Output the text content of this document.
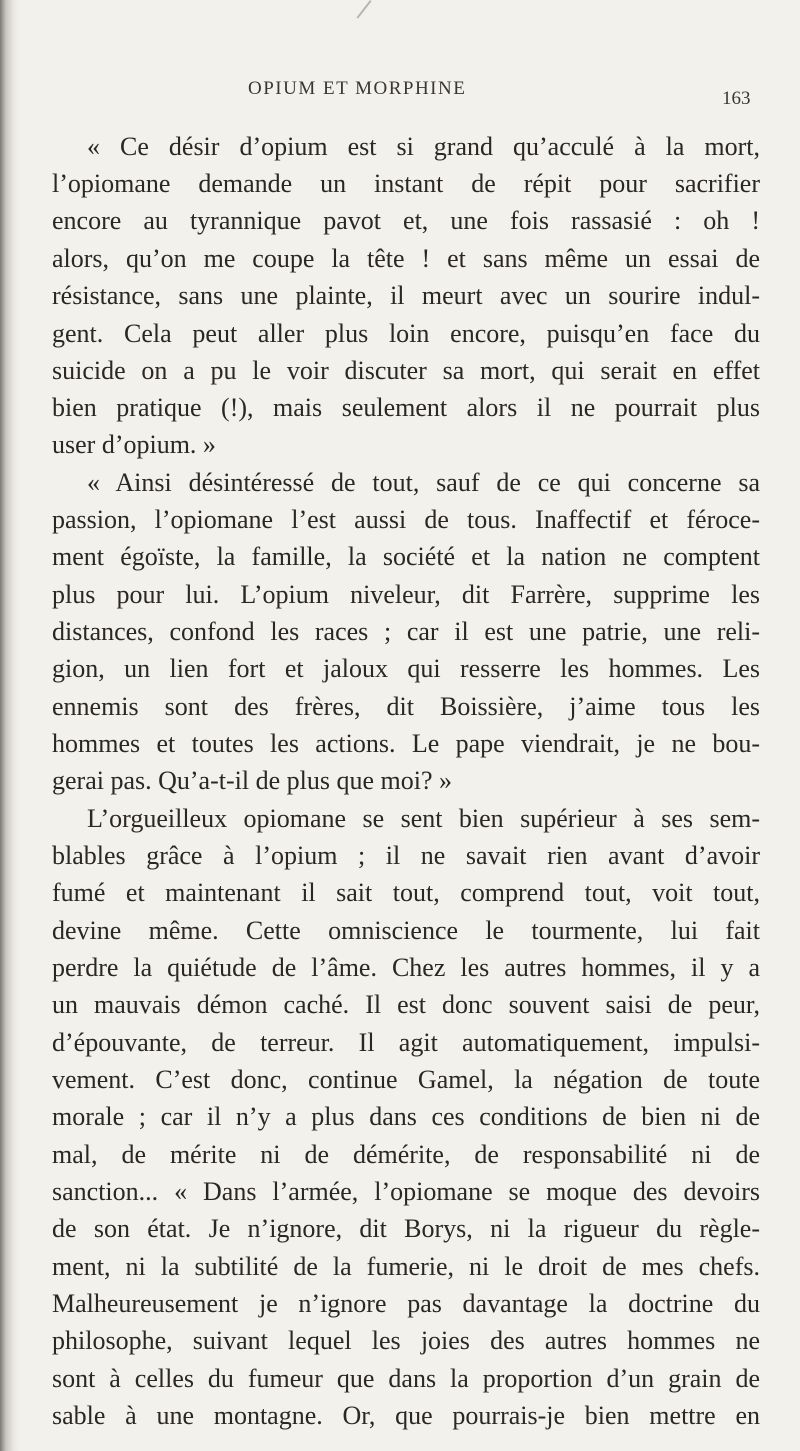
OPIUM ET MORPHINE	163
« Ce désir d’opium est si grand qu’acculé à la mort,
l’opiomane demande un instant de répit pour sacrifier
encore au tyrannique pavot et, une fois rassasié : oh !
alors, qu’on me coupe la tête ! et sans même un essai de
résistance, sans une plainte, il meurt avec un sourire indul-
gent. Cela peut aller plus loin encore, puisqu’en face du
suicide on a pu le voir discuter sa mort, qui serait en effet
bien pratique (!), mais seulement alors il ne pourrait plus
user d’opium. »
« Ainsi désintéressé de tout, sauf de ce qui concerne sa
passion, l’opiomane l’est aussi de tous. Inaffectif et féroce-
ment égoïste, la famille, la société et la nation ne comptent
plus pour lui. L’opium niveleur, dit Farrère, supprime les
distances, confond les races ; car il est une patrie, une reli-
gion, un lien fort et jaloux qui resserre les hommes. Les
ennemis sont des frères, dit Boissière, j’aime tous les
hommes et toutes les actions. Le pape viendrait, je ne bou-
gerai pas. Qu’a-t-il de plus que moi? »
L’orgueilleux opiomane se sent bien supérieur à ses sem-
blables grâce à l’opium ; il ne savait rien avant d’avoir
fumé et maintenant il sait tout, comprend tout, voit tout,
devine même. Cette omniscience le tourmente, lui fait
perdre la quiétude de l’âme. Chez les autres hommes, il y a
un mauvais démon caché. Il est donc souvent saisi de peur,
d’épouvante, de terreur. Il agit automatiquement, impulsi-
vement. C’est donc, continue Gamel, la négation de toute
morale ; car il n’y a plus dans ces conditions de bien ni de
mal, de mérite ni de démérite, de responsabilité ni de
sanction... « Dans l’armée, l’opiomane se moque des devoirs
de son état. Je n’ignore, dit Borys, ni la rigueur du règle-
ment, ni la subtilité de la fumerie, ni le droit de mes chefs.
Malheureusement je n’ignore pas davantage la doctrine du
philosophe, suivant lequel les joies des autres hommes ne
sont à celles du fumeur que dans la proportion d’un grain de
sable à une montagne. Or, que pourrais-je bien mettre en
